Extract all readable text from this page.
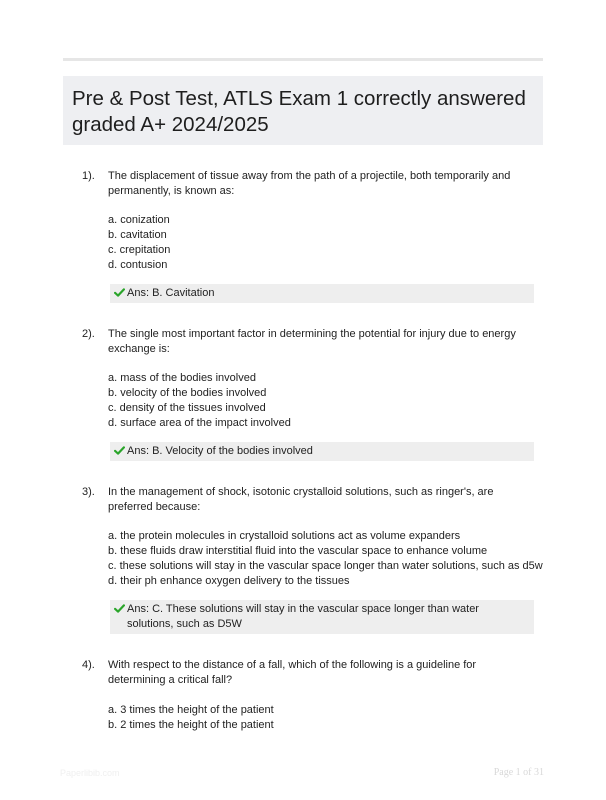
Pre & Post Test, ATLS Exam 1 correctly answered graded A+ 2024/2025
1). The displacement of tissue away from the path of a projectile, both temporarily and permanently, is known as:
a. conization
b. cavitation
c. crepitation
d. contusion
Ans: B. Cavitation
2). The single most important factor in determining the potential for injury due to energy exchange is:
a. mass of the bodies involved
b. velocity of the bodies involved
c. density of the tissues involved
d. surface area of the impact involved
Ans: B. Velocity of the bodies involved
3). In the management of shock, isotonic crystalloid solutions, such as ringer's, are preferred because:
a. the protein molecules in crystalloid solutions act as volume expanders
b. these fluids draw interstitial fluid into the vascular space to enhance volume
c. these solutions will stay in the vascular space longer than water solutions, such as d5w
d. their ph enhance oxygen delivery to the tissues
Ans: C. These solutions will stay in the vascular space longer than water solutions, such as D5W
4). With respect to the distance of a fall, which of the following is a guideline for determining a critical fall?
a. 3 times the height of the patient
b. 2 times the height of the patient
Paperlibib.com	Page 1 of 31
